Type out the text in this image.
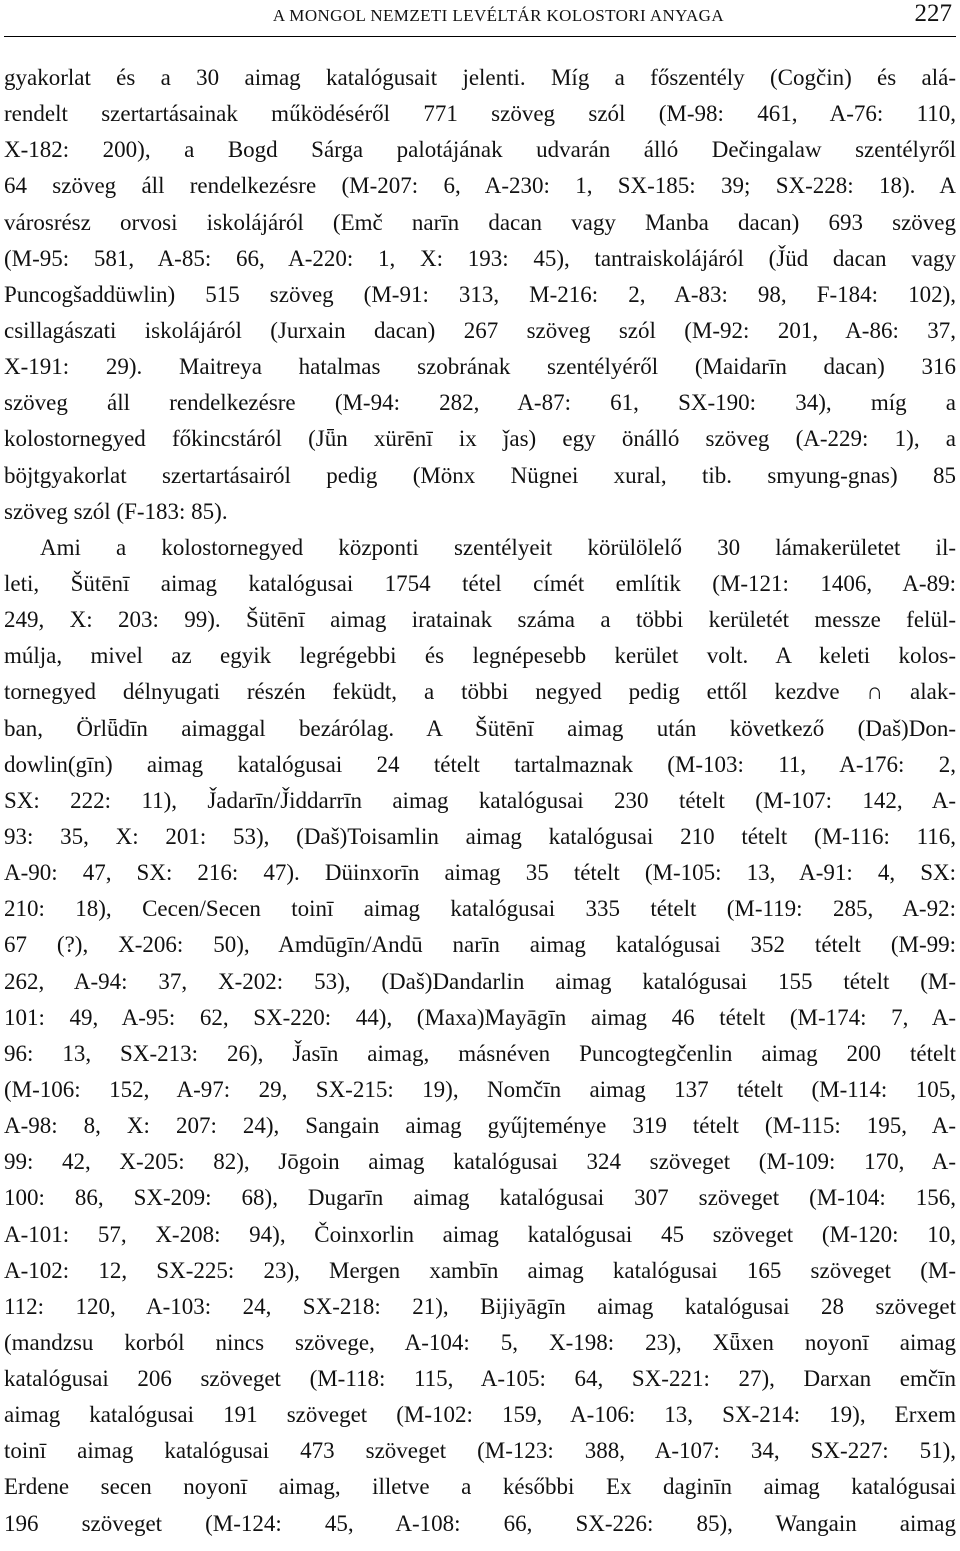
A MONGOL NEMZETI LEVÉLTÁR KOLOSTORI ANYAGA	227
gyakorlat és a 30 aimag katalógusait jelenti. Míg a főszentély (Cogčin) és alá-
rendelt szertartásainak működéséről 771 szöveg szól (M-98: 461, A-76: 110,
X-182: 200), a Bogd Sárga palotájának udvarán álló Dečingalaw szentélyről
64 szöveg áll rendelkezésre (M-207: 6, A-230: 1, SX-185: 39; SX-228: 18). A
városrész orvosi iskolájáról (Emč narīn dacan vagy Manba dacan) 693 szöveg
(M-95: 581, A-85: 66, A-220: 1, X: 193: 45), tantraiskolájáról (J̌üd dacan vagy
Puncogšaddüwlin) 515 szöveg (M-91: 313, M-216: 2, A-83: 98, F-184: 102),
csillagászati iskolájáról (Jurxain dacan) 267 szöveg szól (M-92: 201, A-86: 37,
X-191: 29). Maitreya hatalmas szobrának szentélyéről (Maidarīn dacan) 316
szöveg áll rendelkezésre (M-94: 282, A-87: 61, SX-190: 34), míg a
kolostornegyed főkincstáról (Jǖn xürēnī ix ǰas) egy önálló szöveg (A-229: 1), a
böjtgyakorlat szertartásairól pedig (Mönx Nügnei xural, tib. smyung-gnas) 85
szöveg szól (F-183: 85).
Ami a kolostornegyed központi szentélyeit körülölelő 30 lámakerületet il-
leti, Šütēnī aimag katalógusai 1754 tétel címét említik (M-121: 1406, A-89:
249, X: 203: 99). Šütēnī aimag iratainak száma a többi kerületét messze felül-
múlja, mivel az egyik legrégebbi és legnépesebb kerület volt. A keleti kolos-
tornegyed délnyugati részén feküdt, a többi negyed pedig ettől kezdve ∩ alak-
ban, Örlǖdīn aimaggal bezárólag. A Šütēnī aimag után következő (Daš)Don-
dowlin(gīn) aimag katalógusai 24 tételt tartalmaznak (M-103: 11, A-176: 2,
SX: 222: 11), J̌adarīn/J̌iddarrīn aimag katalógusai 230 tételt (M-107: 142, A-
93: 35, X: 201: 53), (Daš)Toisamlin aimag katalógusai 210 tételt (M-116: 116,
A-90: 47, SX: 216: 47). Düinxorīn aimag 35 tételt (M-105: 13, A-91: 4, SX:
210: 18), Cecen/Secen toinī aimag katalógusai 335 tételt (M-119: 285, A-92:
67 (?), X-206: 50), Amdūgīn/Andū narīn aimag katalógusai 352 tételt (M-99:
262, A-94: 37, X-202: 53), (Daš)Dandarlin aimag katalógusai 155 tételt (M-
101: 49, A-95: 62, SX-220: 44), (Maxa)Mayāgīn aimag 46 tételt (M-174: 7, A-
96: 13, SX-213: 26), J̌asīn aimag, másnéven Puncogtegčenlin aimag 200 tételt
(M-106: 152, A-97: 29, SX-215: 19), Nomčīn aimag 137 tételt (M-114: 105,
A-98: 8, X: 207: 24), Sangain aimag gyűjteménye 319 tételt (M-115: 195, A-
99: 42, X-205: 82), Jōgoin aimag katalógusai 324 szöveget (M-109: 170, A-
100: 86, SX-209: 68), Dugarīn aimag katalógusai 307 szöveget (M-104: 156,
A-101: 57, X-208: 94), Čoinxorlin aimag katalógusai 45 szöveget (M-120: 10,
A-102: 12, SX-225: 23), Mergen xambīn aimag katalógusai 165 szöveget (M-
112: 120, A-103: 24, SX-218: 21), Bijiyāgīn aimag katalógusai 28 szöveget
(mandzsu korból nincs szövege, A-104: 5, X-198: 23), Xǖxen noyonī aimag
katalógusai 206 szöveget (M-118: 115, A-105: 64, SX-221: 27), Darxan emčīn
aimag katalógusai 191 szöveget (M-102: 159, A-106: 13, SX-214: 19), Erxem
toinī aimag katalógusai 473 szöveget (M-123: 388, A-107: 34, SX-227: 51),
Erdene secen noyonī aimag, illetve a későbbi Ex daginīn aimag katalógusai
196 szöveget (M-124: 45, A-108: 66, SX-226: 85), Wangain aimag
